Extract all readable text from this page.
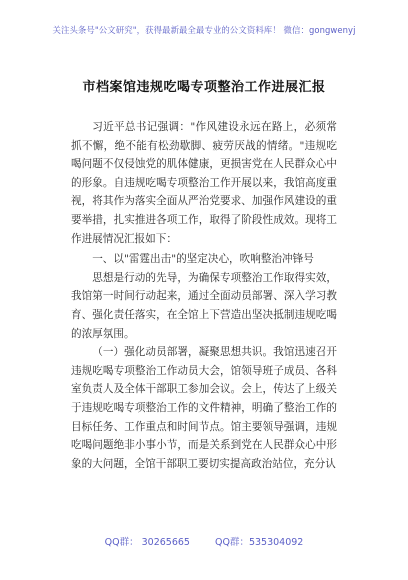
关注头条号"公文研究"，获得最新最全最专业的公文资料库！ 微信：gongwenyj
市档案馆违规吃喝专项整治工作进展汇报

习近平总书记强调："作风建设永远在路上，必须常抓不懈，绝不能有松劲歇脚、疲劳厌战的情绪。"违规吃喝问题不仅侵蚀党的肌体健康，更损害党在人民群众心中的形象。自违规吃喝专项整治工作开展以来，我馆高度重视，将其作为落实全面从严治党要求、加强作风建设的重要举措，扎实推进各项工作，取得了阶段性成效。现将工作进展情况汇报如下：

一、以"雷霆出击"的坚定决心，吹响整治冲锋号

思想是行动的先导，为确保专项整治工作取得实效，我馆第一时间行动起来，通过全面动员部署、深入学习教育、强化责任落实，在全馆上下营造出坚决抵制违规吃喝的浓厚氛围。

（一）强化动员部署，凝聚思想共识。我馆迅速召开违规吃喝专项整治工作动员大会，馆领导班子成员、各科室负责人及全体干部职工参加会议。会上，传达了上级关于违规吃喝专项整治工作的文件精神，明确了整治工作的目标任务、工作重点和时间节点。馆主要领导强调，违规吃喝问题绝非小事小节，而是关系到党在人民群众心中形象的大问题，全馆干部职工要切实提高政治站位，充分认

QQ群： 30265665	QQ群：535304092
